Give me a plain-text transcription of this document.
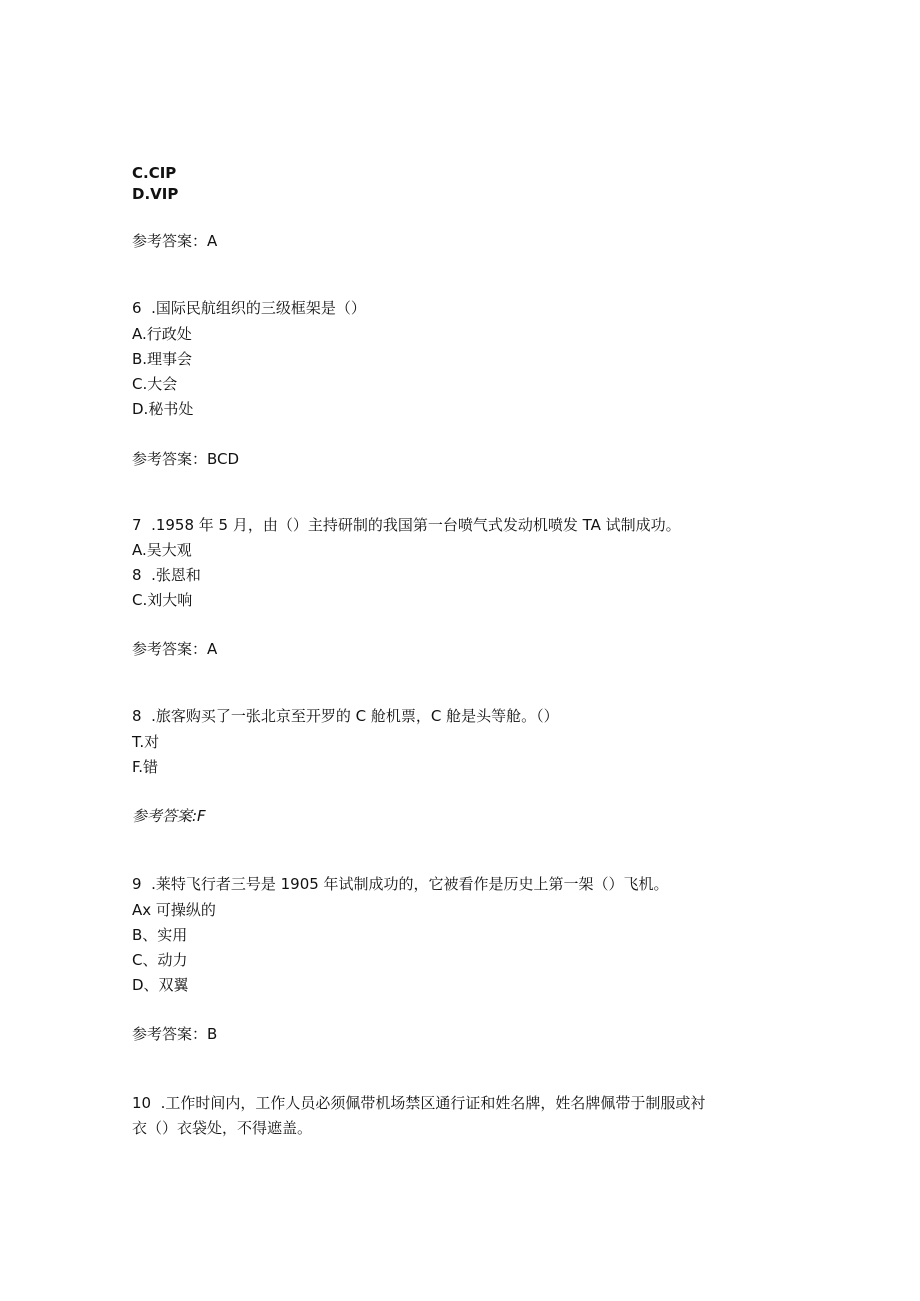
C.CIP
D.VIP
参考答案：A
6  .国际民航组织的三级框架是（）
A.行政处
B.理事会
C.大会
D.秘书处
参考答案：BCD
7  .1958 年 5 月，由（）主持研制的我国第一台喷气式发动机喷发 TA 试制成功。
A.吴大观
8  .张恩和
C.刘大响
参考答案：A
8  .旅客购买了一张北京至开罗的 C 舱机票，C 舱是头等舱。（）
T.对
F.错
参考答案:F
9  .莱特飞行者三号是 1905 年试制成功的，它被看作是历史上第一架（）飞机。
Ax 可操纵的
B、实用
C、动力
D、双翼
参考答案：B
10  .工作时间内，工作人员必须佩带机场禁区通行证和姓名牌，姓名牌佩带于制服或衬
衣（）衣袋处，不得遮盖。
